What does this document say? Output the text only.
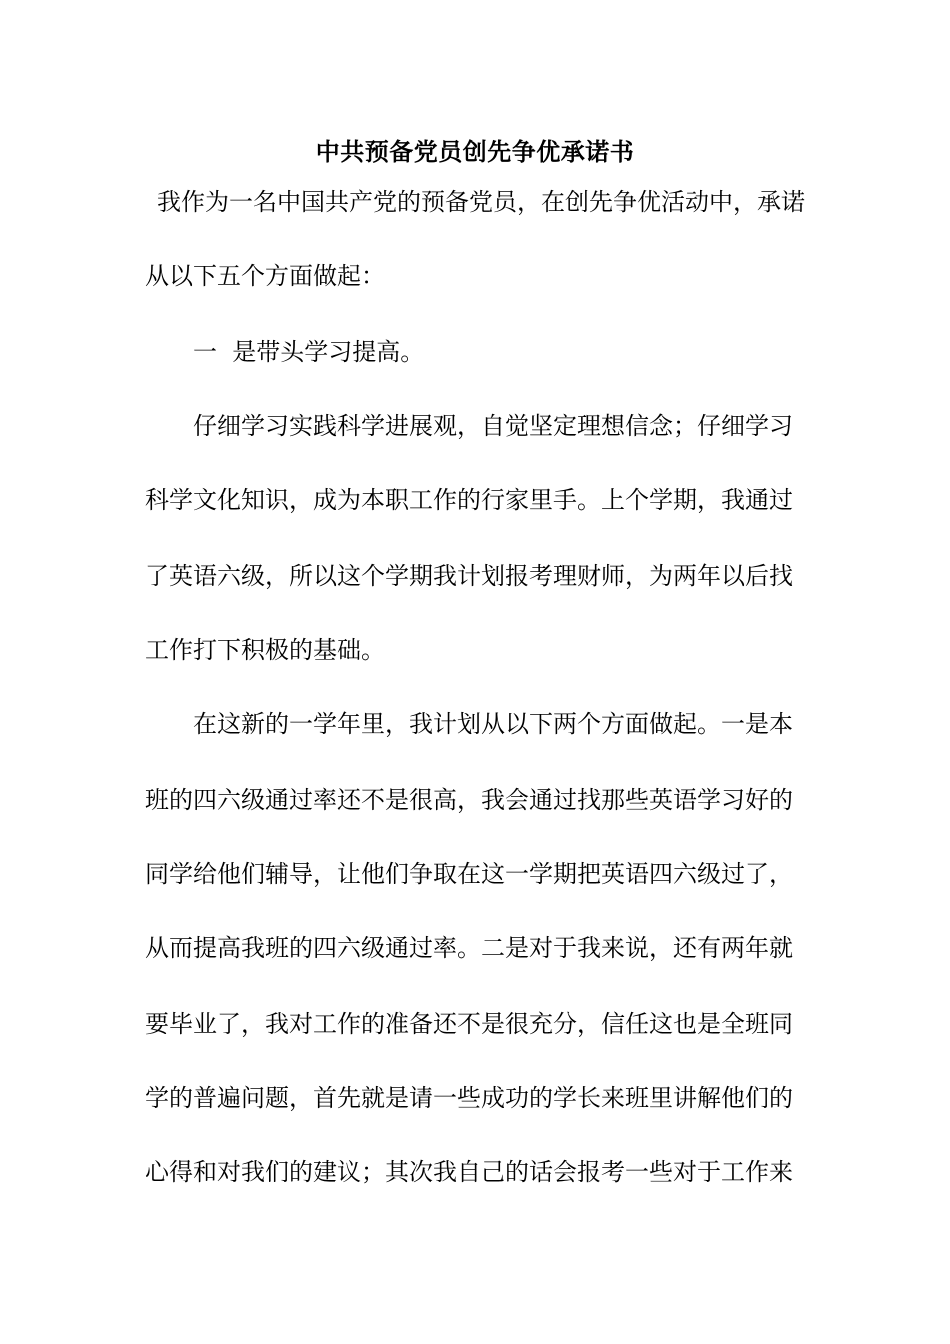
中共预备党员创先争优承诺书
我作为一名中国共产党的预备党员，在创先争优活动中，承诺
从以下五个方面做起：
一  是带头学习提高。
仔细学习实践科学进展观，自觉坚定理想信念；仔细学习
科学文化知识，成为本职工作的行家里手。上个学期，我通过
了英语六级，所以这个学期我计划报考理财师，为两年以后找
工作打下积极的基础。
在这新的一学年里，我计划从以下两个方面做起。一是本
班的四六级通过率还不是很高，我会通过找那些英语学习好的
同学给他们辅导，让他们争取在这一学期把英语四六级过了，
从而提高我班的四六级通过率。二是对于我来说，还有两年就
要毕业了，我对工作的准备还不是很充分，信任这也是全班同
学的普遍问题，首先就是请一些成功的学长来班里讲解他们的
心得和对我们的建议；其次我自己的话会报考一些对于工作来
